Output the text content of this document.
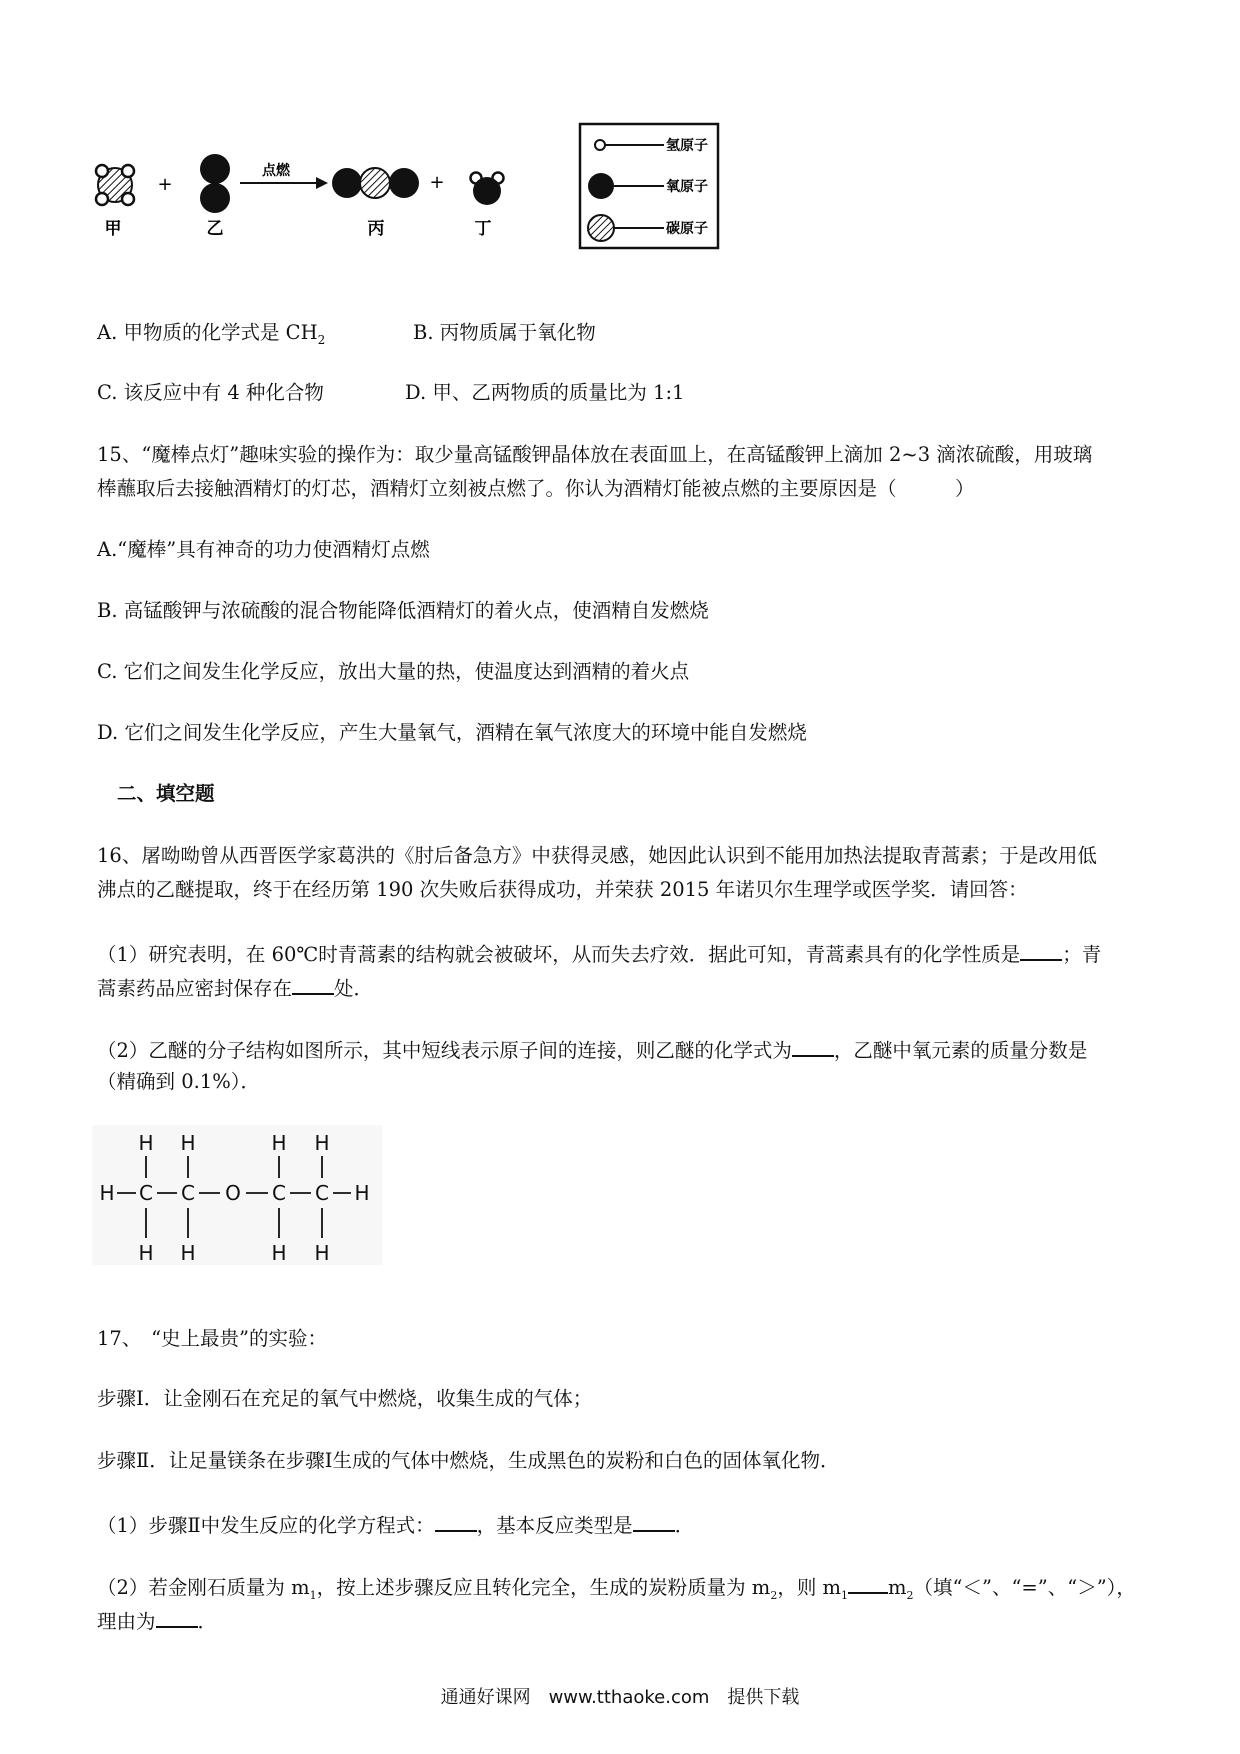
+
点燃
+
甲	乙	丙	丁
氢原子
氧原子
碳原子
A. 甲物质的化学式是 $CH_2$	B. 丙物质属于氧化物
C. 该反应中有 4 种化合物	D. 甲、乙两物质的质量比为 1:1
15、“魔棒点灯”趣味实验的操作为：取少量高锰酸钾晶体放在表面皿上，在高锰酸钾上滴加 2~3 滴浓硫酸，用玻璃
棒蘸取后去接触酒精灯的灯芯，酒精灯立刻被点燃了。你认为酒精灯能被点燃的主要原因是（　　　）
A.“魔棒”具有神奇的功力使酒精灯点燃
B. 高锰酸钾与浓硫酸的混合物能降低酒精灯的着火点，使酒精自发燃烧
C. 它们之间发生化学反应，放出大量的热，使温度达到酒精的着火点
D. 它们之间发生化学反应，产生大量氧气，酒精在氧气浓度大的环境中能自发燃烧
二、填空题
16、屠呦呦曾从西晋医学家葛洪的《肘后备急方》中获得灵感，她因此认识到不能用加热法提取青蒿素；于是改用低
沸点的乙醚提取，终于在经历第 190 次失败后获得成功，并荣获 2015 年诺贝尔生理学或医学奖．请回答：
（1）研究表明，在 60℃时青蒿素的结构就会被破坏，从而失去疗效．据此可知，青蒿素具有的化学性质是 ；青
蒿素药品应密封保存在 处．
（2）乙醚的分子结构如图所示，其中短线表示原子间的连接，则乙醚的化学式为 ，乙醚中氧元素的质量分数是
（精确到 0.1%）．
H H	H H
H C C O C C H
H H	H H
17、　“史上最贵”的实验：
步骤Ⅰ．让金刚石在充足的氧气中燃烧，收集生成的气体；
步骤Ⅱ．让足量镁条在步骤Ⅰ生成的气体中燃烧，生成黑色的炭粉和白色的固体氧化物．
（1）步骤Ⅱ中发生反应的化学方程式： ，基本反应类型是 ．
（2）若金刚石质量为 $m_1$，按上述步骤反应且转化完全，生成的炭粉质量为 $m_2$，则 $m_1$ $m_2$（填“＜”、“=”、“＞”），
理由为 ．
通通好课网　www.tthaoke.com　提供下载
